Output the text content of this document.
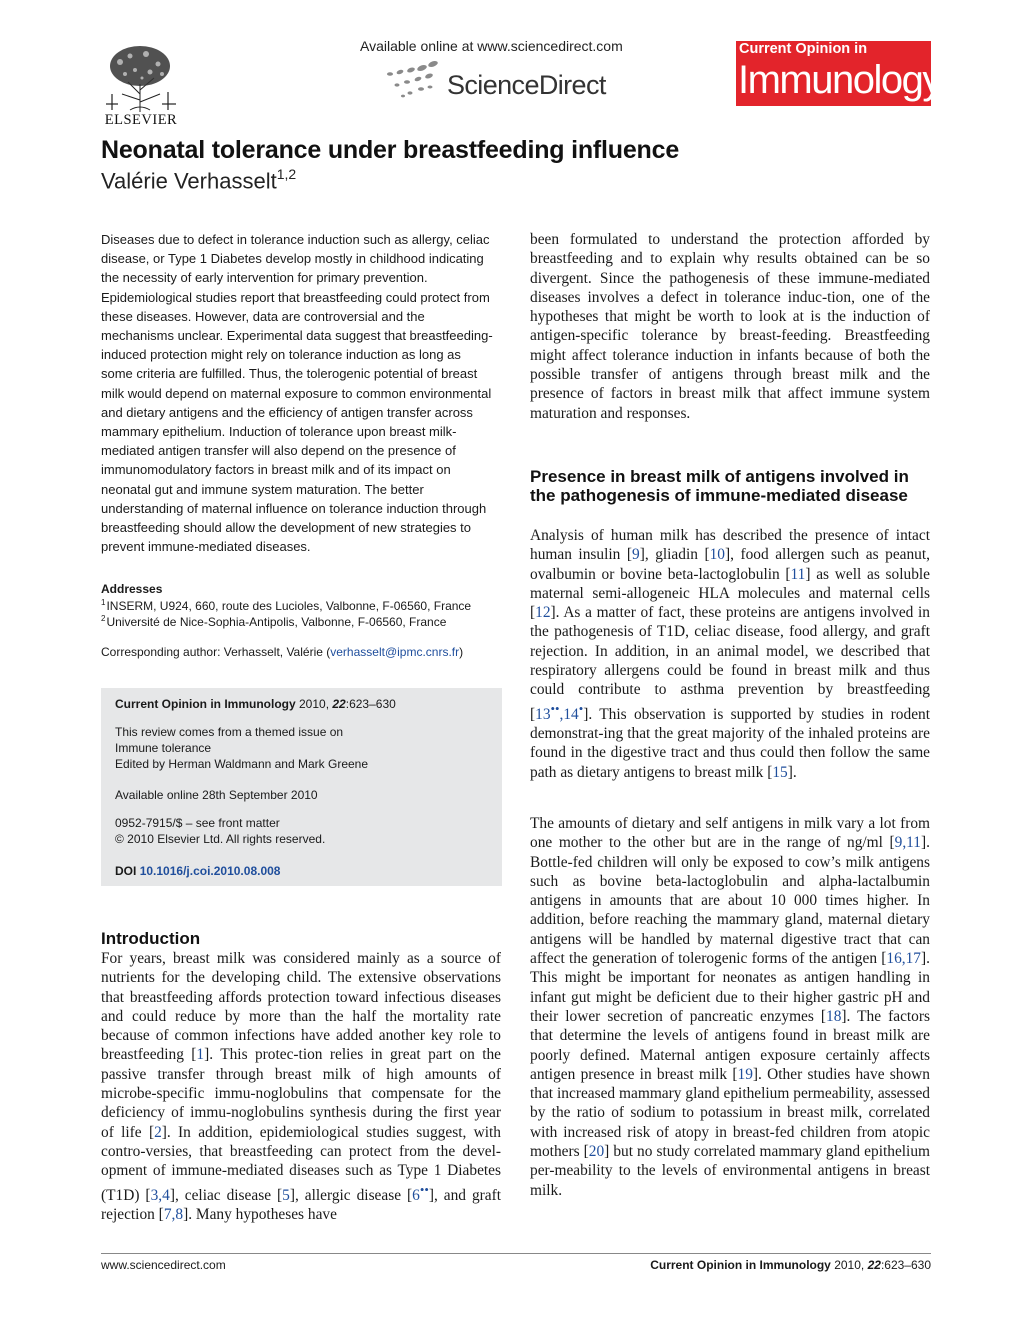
ELSEVIER
Available online at www.sciencedirect.com
ScienceDirect
Current Opinion in
Immunology
Neonatal tolerance under breastfeeding influence
Valérie Verhasselt$^{1,2}$

Diseases due to defect in tolerance induction such as allergy, celiac disease, or Type 1 Diabetes develop mostly in childhood indicating the necessity of early intervention for primary prevention. Epidemiological studies report that breastfeeding could protect from these diseases. However, data are controversial and the mechanisms unclear. Experimental data suggest that breastfeeding-induced protection might rely on tolerance induction as long as some criteria are fulfilled. Thus, the tolerogenic potential of breast milk would depend on maternal exposure to common environmental and dietary antigens and the efficiency of antigen transfer across mammary epithelium. Induction of tolerance upon breast milk-mediated antigen transfer will also depend on the presence of immunomodulatory factors in breast milk and of its impact on neonatal gut and immune system maturation. The better understanding of maternal influence on tolerance induction through breastfeeding should allow the development of new strategies to prevent immune-mediated diseases.

Addresses
$^1$INSERM, U924, 660, route des Lucioles, Valbonne, F-06560, France
$^2$Université de Nice-Sophia-Antipolis, Valbonne, F-06560, France
Corresponding author: Verhasselt, Valérie (verhasselt@ipmc.cnrs.fr)
Current Opinion in Immunology 2010, 22:623–630
This review comes from a themed issue on
Immune tolerance
Edited by Herman Waldmann and Mark Greene
Available online 28th September 2010
0952-7915/$ – see front matter
© 2010 Elsevier Ltd. All rights reserved.
DOI 10.1016/j.coi.2010.08.008
Introduction

For years, breast milk was considered mainly as a source of nutrients for the developing child. The extensive observations that breastfeeding affords protection toward infectious diseases and could reduce by more than the half the mortality rate because of common infections have added another key role to breastfeeding [1]. This protec-tion relies in great part on the passive transfer through breast milk of high amounts of microbe-specific immu-noglobulins that compensate for the deficiency of immu-noglobulins synthesis during the first year of life [2]. In addition, epidemiological studies suggest, with contro-versies, that breastfeeding can protect from the devel-opment of immune-mediated diseases such as Type 1 Diabetes (T1D) [3,4], celiac disease [5], allergic disease [6••], and graft rejection [7,8]. Many hypotheses have

been formulated to understand the protection afforded by breastfeeding and to explain why results obtained can be so divergent. Since the pathogenesis of these immune-mediated diseases involves a defect in tolerance induc-tion, one of the hypotheses that might be worth to look at is the induction of antigen-specific tolerance by breast-feeding. Breastfeeding might affect tolerance induction in infants because of both the possible transfer of antigens through breast milk and the presence of factors in breast milk that affect immune system maturation and responses.

Presence in breast milk of antigens involved in the pathogenesis of immune-mediated disease

Analysis of human milk has described the presence of intact human insulin [9], gliadin [10], food allergen such as peanut, ovalbumin or bovine beta-lactoglobulin [11] as well as soluble maternal semi-allogeneic HLA molecules and maternal cells [12]. As a matter of fact, these proteins are antigens involved in the pathogenesis of T1D, celiac disease, food allergy, and graft rejection. In addition, in an animal model, we described that respiratory allergens could be found in breast milk and thus could contribute to asthma prevention by breastfeeding [13••,14•]. This observation is supported by studies in rodent demonstrat-ing that the great majority of the inhaled proteins are found in the digestive tract and thus could then follow the same path as dietary antigens to breast milk [15].

The amounts of dietary and self antigens in milk vary a lot from one mother to the other but are in the range of ng/ml [9,11]. Bottle-fed children will only be exposed to cow’s milk antigens such as bovine beta-lactoglobulin and alpha-lactalbumin antigens in amounts that are about 10 000 times higher. In addition, before reaching the mammary gland, maternal dietary antigens will be handled by maternal digestive tract that can affect the generation of tolerogenic forms of the antigen [16,17]. This might be important for neonates as antigen handling in infant gut might be deficient due to their higher gastric pH and their lower secretion of pancreatic enzymes [18]. The factors that determine the levels of antigens found in breast milk are poorly defined. Maternal antigen exposure certainly affects antigen presence in breast milk [19]. Other studies have shown that increased mammary gland epithelium permeability, assessed by the ratio of sodium to potassium in breast milk, correlated with increased risk of atopy in breast-fed children from atopic mothers [20] but no study correlated mammary gland epithelium per-meability to the levels of environmental antigens in breast milk.

www.sciencedirect.com	Current Opinion in Immunology 2010, 22:623–630
